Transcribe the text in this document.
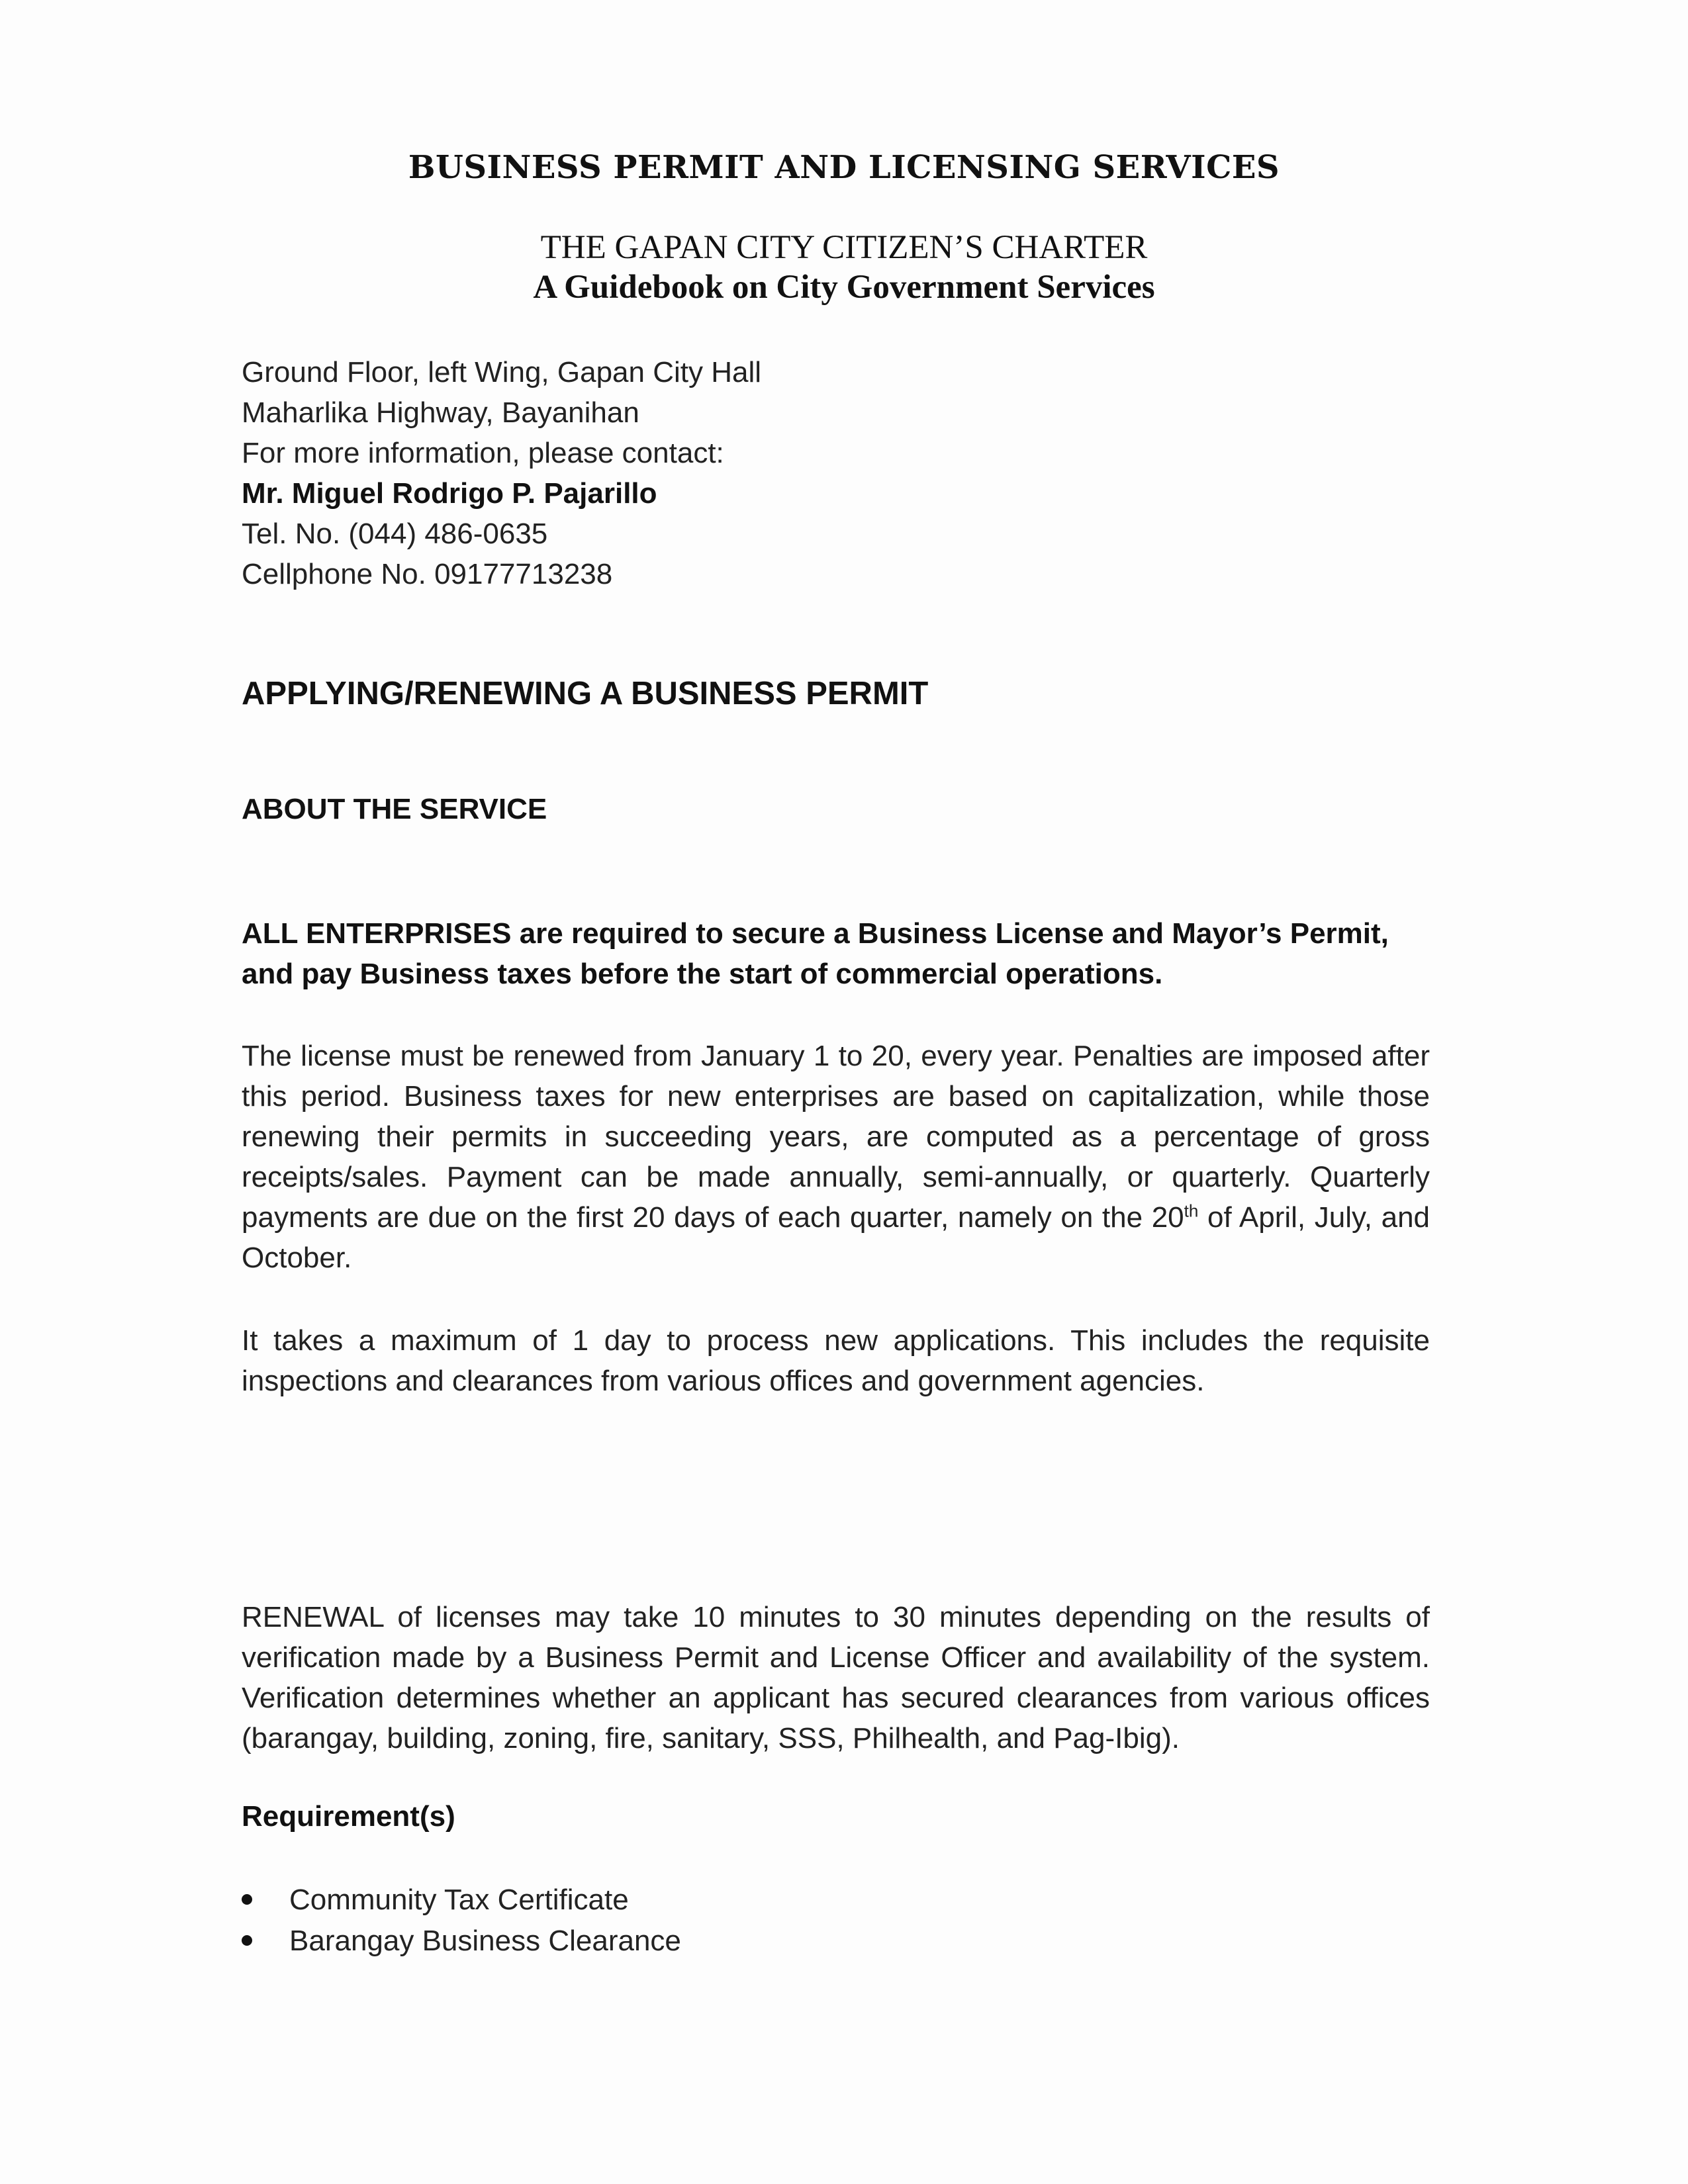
BUSINESS PERMIT AND LICENSING SERVICES
THE GAPAN CITY CITIZEN’S CHARTER
A Guidebook on City Government Services
Ground Floor, left Wing, Gapan City Hall
Maharlika Highway, Bayanihan
For more information, please contact:
Mr. Miguel Rodrigo P. Pajarillo
Tel. No. (044) 486-0635
Cellphone No. 09177713238
APPLYING/RENEWING A BUSINESS PERMIT
ABOUT THE SERVICE
ALL ENTERPRISES are required to secure a Business License and Mayor’s Permit, and pay Business taxes before the start of commercial operations.
The license must be renewed from January 1 to 20, every year. Penalties are imposed after this period. Business taxes for new enterprises are based on capitalization, while those renewing their permits in succeeding years, are computed as a percentage of gross receipts/sales. Payment can be made annually, semi-annually, or quarterly. Quarterly payments are due on the first 20 days of each quarter, namely on the 20th of April, July, and October.
It takes a maximum of 1 day to process new applications. This includes the requisite inspections and clearances from various offices and government agencies.
RENEWAL of licenses may take 10 minutes to 30 minutes depending on the results of verification made by a Business Permit and License Officer and availability of the system. Verification determines whether an applicant has secured clearances from various offices (barangay, building, zoning, fire, sanitary, SSS, Philhealth, and Pag-Ibig).
Requirement(s)
Community Tax Certificate
Barangay Business Clearance
